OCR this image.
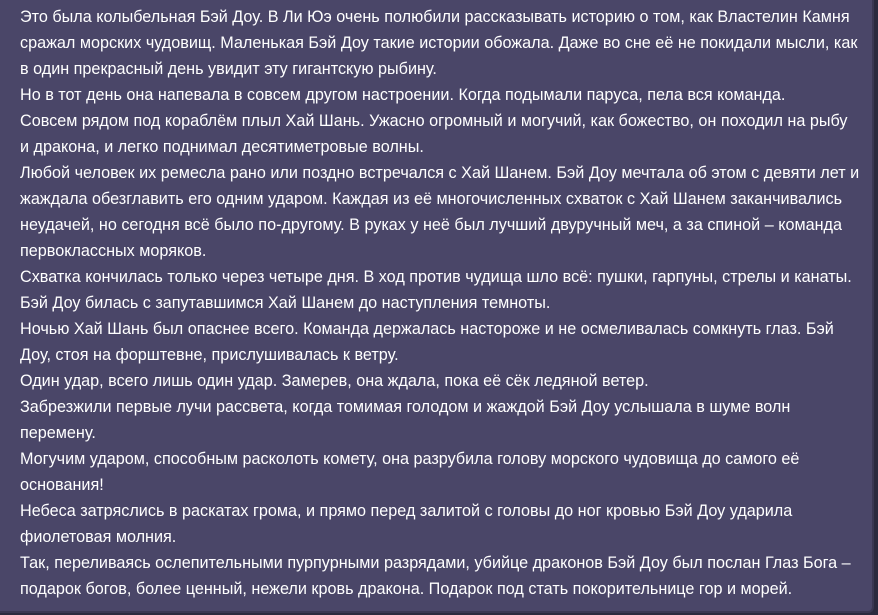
Это была колыбельная Бэй Доу. В Ли Юэ очень полюбили рассказывать историю о том, как Властелин Камня сражал морских чудовищ. Маленькая Бэй Доу такие истории обожала. Даже во сне её не покидали мысли, как в один прекрасный день увидит эту гигантскую рыбину.

Но в тот день она напевала в совсем другом настроении. Когда подымали паруса, пела вся команда.

Совсем рядом под кораблём плыл Хай Шань. Ужасно огромный и могучий, как божество, он походил на рыбу и дракона, и легко поднимал десятиметровые волны.

Любой человек их ремесла рано или поздно встречался с Хай Шанем. Бэй Доу мечтала об этом с девяти лет и жаждала обезглавить его одним ударом. Каждая из её многочисленных схваток с Хай Шанем заканчивались неудачей, но сегодня всё было по-другому. В руках у неё был лучший двуручный меч, а за спиной – команда первоклассных моряков.

Схватка кончилась только через четыре дня. В ход против чудища шло всё: пушки, гарпуны, стрелы и канаты. Бэй Доу билась с запутавшимся Хай Шанем до наступления темноты.

Ночью Хай Шань был опаснее всего. Команда держалась настороже и не осмеливалась сомкнуть глаз. Бэй Доу, стоя на форштевне, прислушивалась к ветру.

Один удар, всего лишь один удар. Замерев, она ждала, пока её сёк ледяной ветер.

Забрезжили первые лучи рассвета, когда томимая голодом и жаждой Бэй Доу услышала в шуме волн перемену.

Могучим ударом, способным расколоть комету, она разрубила голову морского чудовища до самого её основания!

Небеса затряслись в раскатах грома, и прямо перед залитой с головы до ног кровью Бэй Доу ударила фиолетовая молния.

Так, переливаясь ослепительными пурпурными разрядами, убийце драконов Бэй Доу был послан Глаз Бога – подарок богов, более ценный, нежели кровь дракона. Подарок под стать покорительнице гор и морей.
